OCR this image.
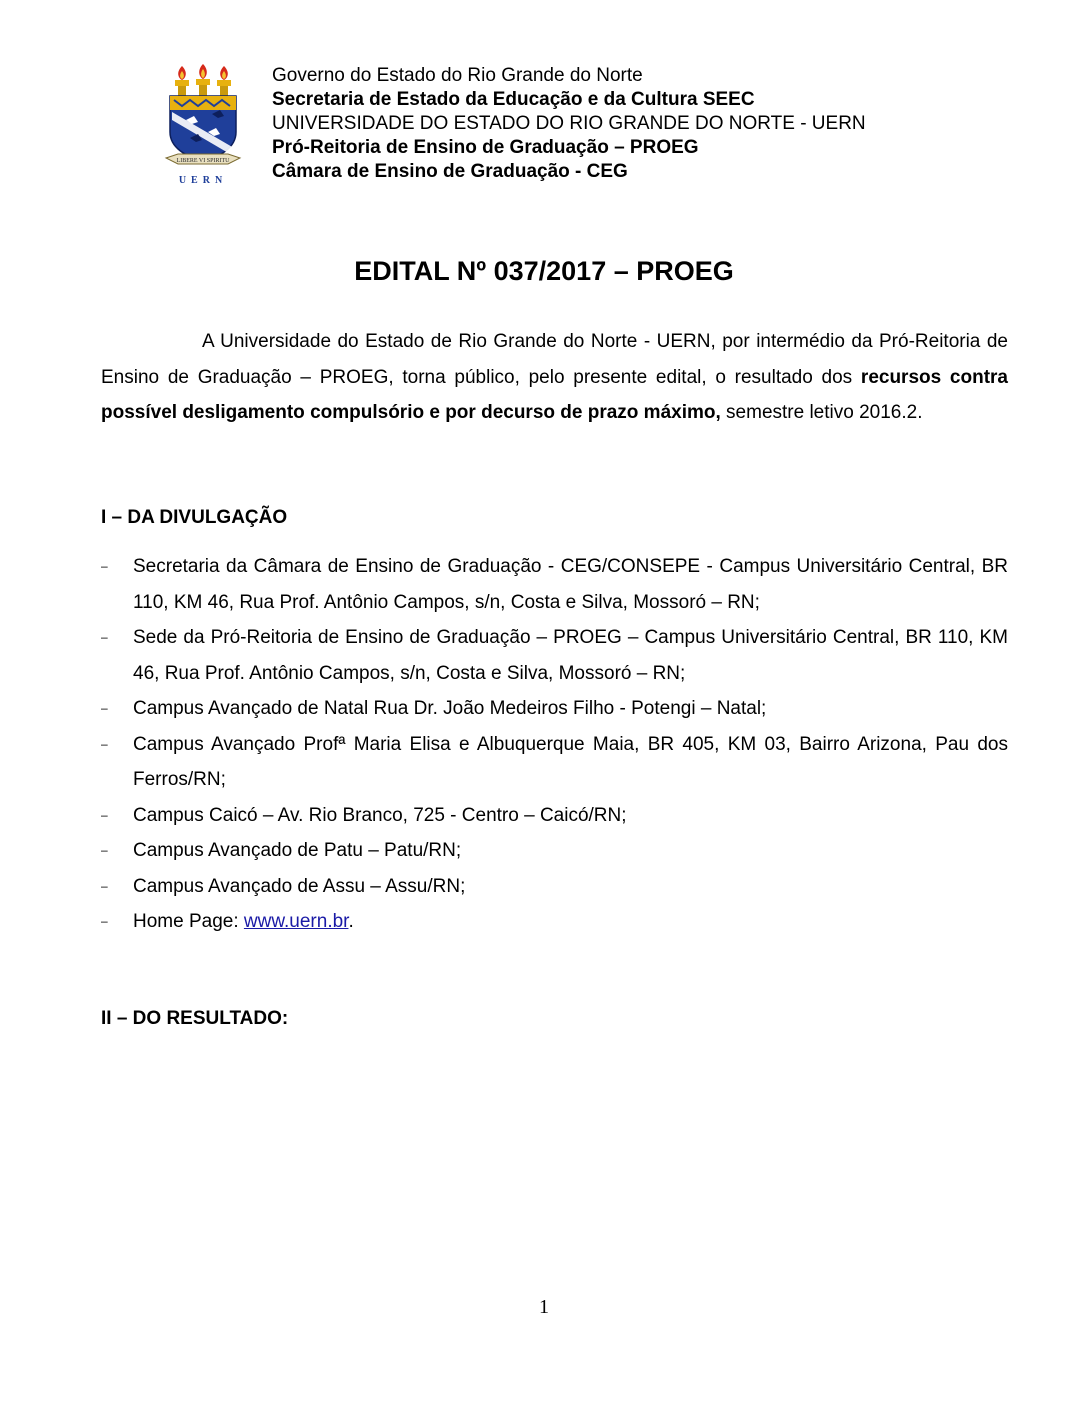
LIBERE VI SPIRITU
UERN
Governo do Estado do Rio Grande do Norte
Secretaria de Estado da Educação e da Cultura SEEC
UNIVERSIDADE DO ESTADO DO RIO GRANDE DO NORTE - UERN
Pró-Reitoria de Ensino de Graduação – PROEG
Câmara de Ensino de Graduação - CEG
EDITAL Nº 037/2017 – PROEG
A Universidade do Estado de Rio Grande do Norte - UERN, por intermédio da Pró-Reitoria de Ensino de Graduação – PROEG, torna público, pelo presente edital, o resultado dos recursos contra possível desligamento compulsório e por decurso de prazo máximo, semestre letivo 2016.2.
I – DA DIVULGAÇÃO
–	Secretaria da Câmara de Ensino de Graduação - CEG/CONSEPE - Campus Universitário Central, BR 110, KM 46, Rua Prof. Antônio Campos, s/n, Costa e Silva, Mossoró – RN;
–	Sede da Pró-Reitoria de Ensino de Graduação – PROEG – Campus Universitário Central, BR 110, KM 46, Rua Prof. Antônio Campos, s/n, Costa e Silva, Mossoró – RN;
–	Campus Avançado de Natal Rua Dr. João Medeiros Filho - Potengi – Natal;
–	Campus Avançado Profª Maria Elisa e Albuquerque Maia, BR 405, KM 03, Bairro Arizona, Pau dos Ferros/RN;
–	Campus Caicó – Av. Rio Branco, 725 - Centro – Caicó/RN;
–	Campus Avançado de Patu – Patu/RN;
–	Campus Avançado de Assu – Assu/RN;
–	Home Page: www.uern.br.
II – DO RESULTADO:
1
